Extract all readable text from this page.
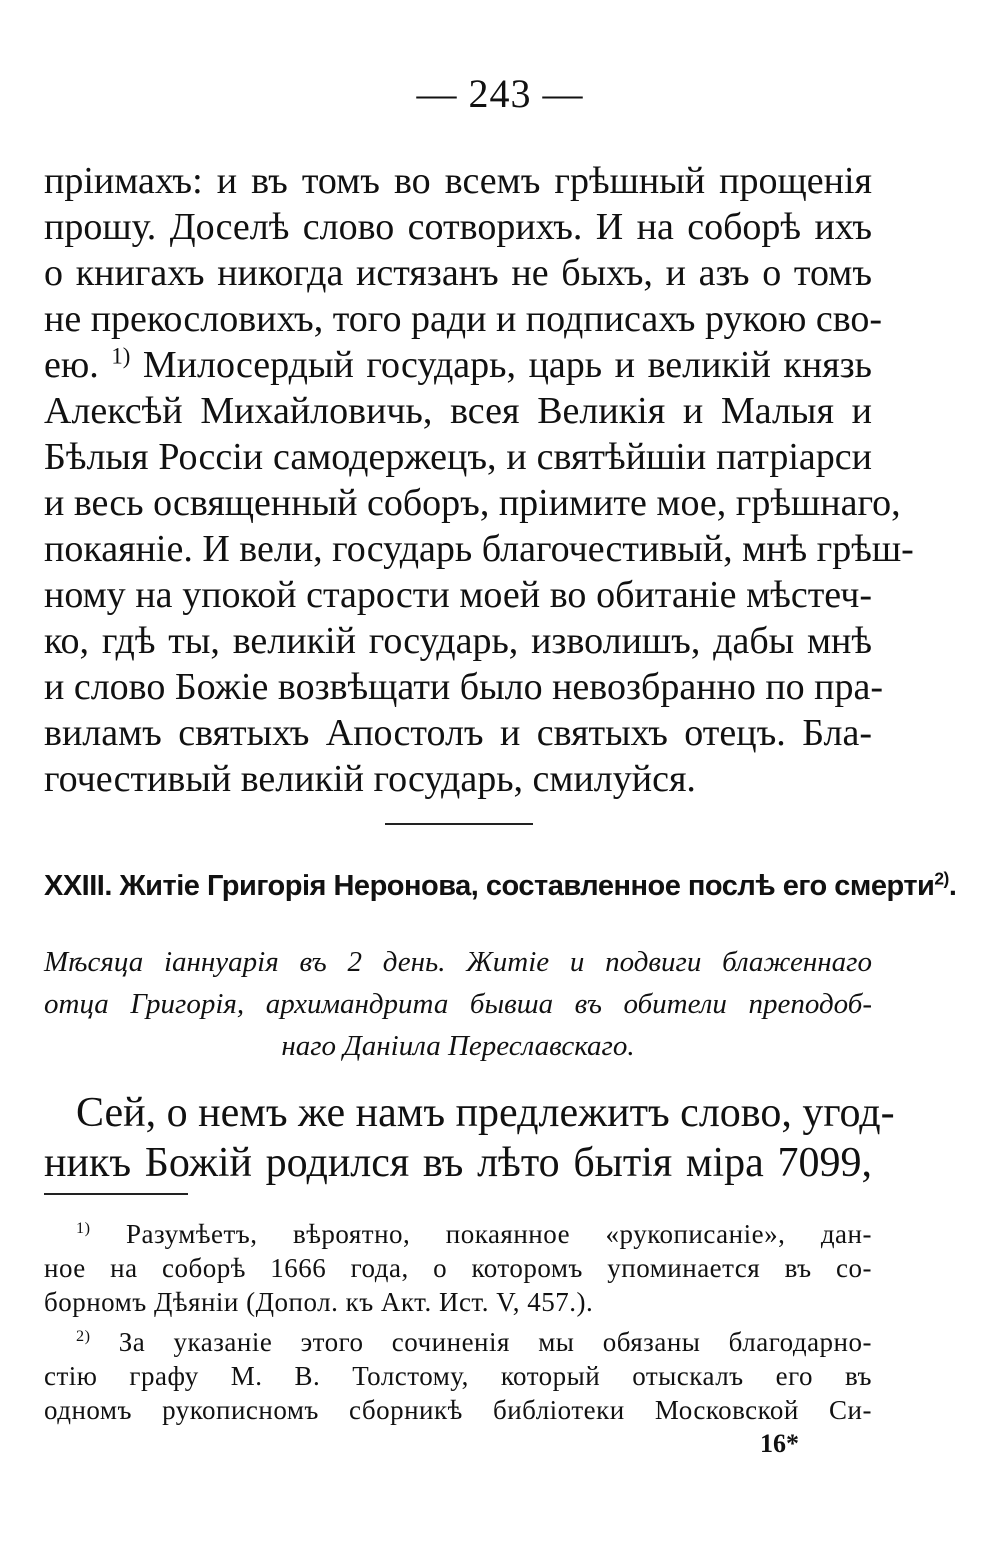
— 243 —
пріимахъ: и въ томъ во всемъ грѣшный прощенія
прошу. Доселѣ слово сотворихъ. И на соборѣ ихъ
о книгахъ никогда истязанъ не быхъ, и азъ о томъ
не прекословихъ, того ради и подписахъ рукою сво-
ею. $^{1)}$ Милосердый государь, царь и великій князь
Алексѣй Михайловичь, всея Великія и Малыя и
Бѣлыя Россіи самодержецъ, и святѣйшіи патріарси
и весь освященный соборъ, пріимите мое, грѣшнаго,
покаяніе. И вели, государь благочестивый, мнѣ грѣш-
ному на упокой старости моей во обитаніе мѣстеч-
ко, гдѣ ты, великій государь, изволишъ, дабы мнѣ
и слово Божіе возвѣщати было невозбранно по пра-
виламъ святыхъ Апостолъ и святыхъ отецъ. Бла-
гочестивый великій государь, смилуйся.
XXIII. Житіе Григорія Неронова, составленное послѣ его смерти$^{2)}$.
Мѣсяца іаннуарія въ 2 день. Житіе и подвиги блаженнаго
отца Григорія, архимандрита бывша въ обители преподоб-
наго Даніила Переславскаго.
Сей, о немъ же намъ предлежитъ слово, угод-
никъ Божій родился въ лѣто бытія міра 7099,
$^{1)}$ Разумѣетъ, вѣроятно, покаянное «рукописаніе», дан-
ное на соборѣ 1666 года, о которомъ упоминается въ со-
борномъ Дѣяніи (Допол. къ Акт. Ист. V, 457.).
$^{2)}$ За указаніе этого сочиненія мы обязаны благодарно-
стію графу М. В. Толстому, который отыскалъ его въ
одномъ рукописномъ сборникѣ библіотеки Московской Си-
16*
